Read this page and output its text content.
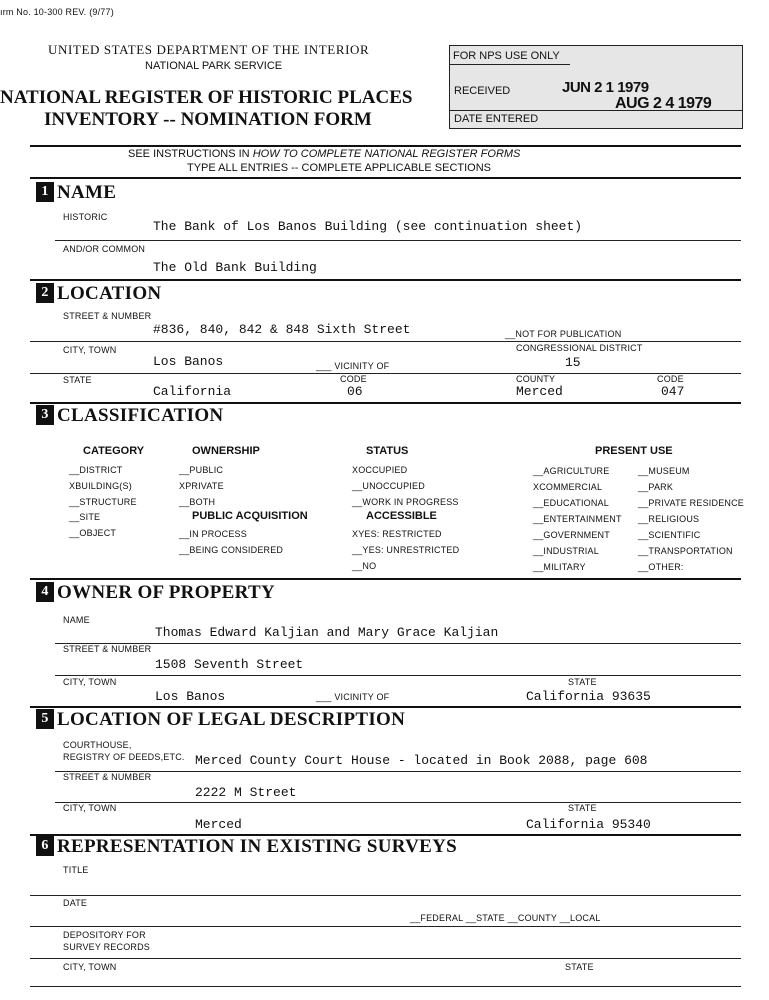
ırm No. 10-300 REV. (9/77)
UNITED STATES DEPARTMENT OF THE INTERIOR
NATIONAL PARK SERVICE
NATIONAL REGISTER OF HISTORIC PLACES
INVENTORY -- NOMINATION FORM
FOR NPS USE ONLY
RECEIVED	JUN 2 1 1979
AUG 2 4 1979
DATE ENTERED
SEE INSTRUCTIONS IN HOW TO COMPLETE NATIONAL REGISTER FORMS
TYPE ALL ENTRIES -- COMPLETE APPLICABLE SECTIONS
1 NAME
HISTORIC
The Bank of Los Banos Building (see continuation sheet)
AND/OR COMMON
The Old Bank Building
2 LOCATION
STREET & NUMBER
#836, 840, 842 & 848 Sixth Street	__NOT FOR PUBLICATION
CITY, TOWN	CONGRESSIONAL DISTRICT
Los Banos	___ VICINITY OF	15
STATE	CODE	COUNTY	CODE
California	06	Merced	047
3 CLASSIFICATION
CATEGORY
__DISTRICT
XBUILDING(S)
__STRUCTURE
__SITE
__OBJECT
OWNERSHIP
__PUBLIC
XPRIVATE
__BOTH
PUBLIC ACQUISITION
__IN PROCESS
__BEING CONSIDERED
STATUS
XOCCUPIED
__UNOCCUPIED
__WORK IN PROGRESS
ACCESSIBLE
XYES: RESTRICTED
__YES: UNRESTRICTED
__NO
PRESENT USE
__AGRICULTURE
XCOMMERCIAL
__EDUCATIONAL
__ENTERTAINMENT
__GOVERNMENT
__INDUSTRIAL
__MILITARY
__MUSEUM
__PARK
__PRIVATE RESIDENCE
__RELIGIOUS
__SCIENTIFIC
__TRANSPORTATION
__OTHER:
4 OWNER OF PROPERTY
NAME
Thomas Edward Kaljian and Mary Grace Kaljian
STREET & NUMBER
1508 Seventh Street
CITY, TOWN	STATE
Los Banos	___ VICINITY OF	California 93635
5 LOCATION OF LEGAL DESCRIPTION
COURTHOUSE,
REGISTRY OF DEEDS,ETC. Merced County Court House - located in Book 2088, page 608
STREET & NUMBER
2222 M Street
CITY, TOWN	STATE
Merced	California 95340
6 REPRESENTATION IN EXISTING SURVEYS
TITLE
DATE
__FEDERAL __STATE __COUNTY __LOCAL
DEPOSITORY FOR
SURVEY RECORDS
CITY, TOWN	STATE
